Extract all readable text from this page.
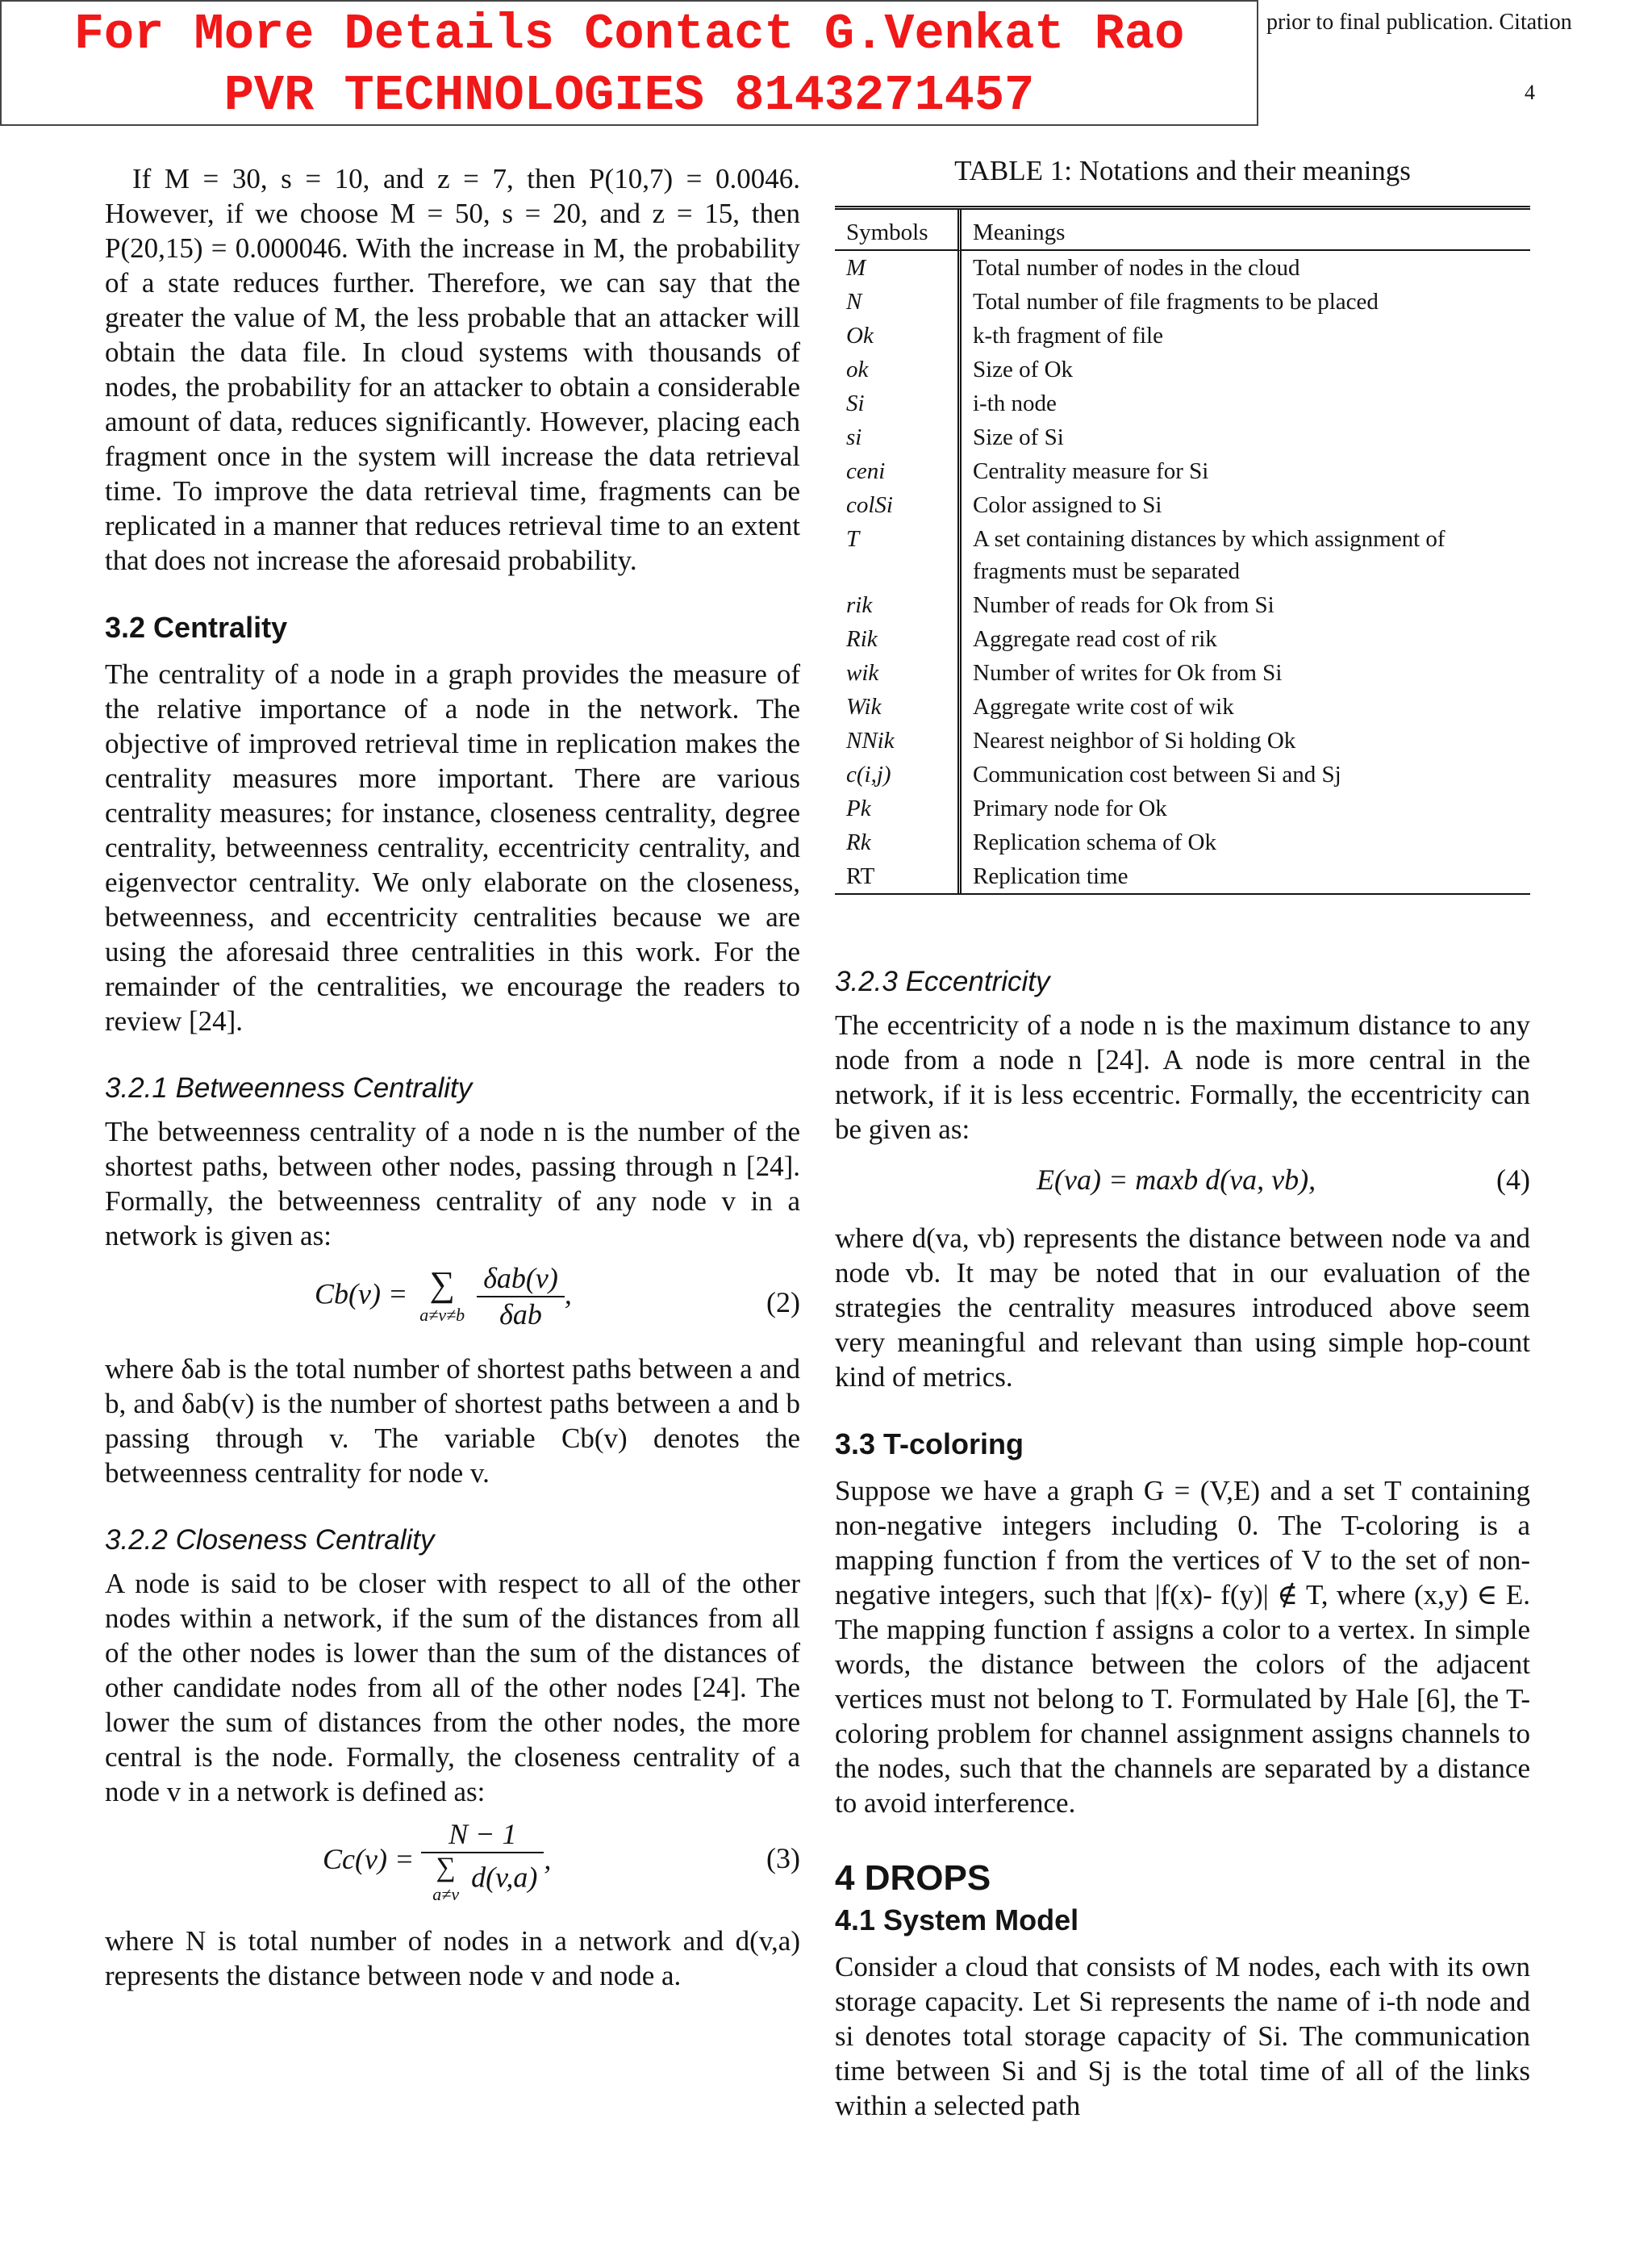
For More Details Contact G.Venkat Rao
PVR TECHNOLOGIES 8143271457
prior to final publication. Citation
4

If M = 30, s = 10, and z = 7, then P(10,7) = 0.0046. However, if we choose M = 50, s = 20, and z = 15, then P(20,15) = 0.000046. With the increase in M, the probability of a state reduces further. Therefore, we can say that the greater the value of M, the less probable that an attacker will obtain the data file. In cloud systems with thousands of nodes, the probability for an attacker to obtain a considerable amount of data, reduces significantly. However, placing each fragment once in the system will increase the data retrieval time. To improve the data retrieval time, fragments can be replicated in a manner that reduces retrieval time to an extent that does not increase the aforesaid probability.

3.2 Centrality

The centrality of a node in a graph provides the measure of the relative importance of a node in the network. The objective of improved retrieval time in replication makes the centrality measures more important. There are various centrality measures; for instance, closeness centrality, degree centrality, betweenness centrality, eccentricity centrality, and eigenvector centrality. We only elaborate on the closeness, betweenness, and eccentricity centralities because we are using the aforesaid three centralities in this work. For the remainder of the centralities, we encourage the readers to review [24].

3.2.1 Betweenness Centrality

The betweenness centrality of a node n is the number of the shortest paths, between other nodes, passing through n [24]. Formally, the betweenness centrality of any node v in a network is given as:

Cb(v) = ∑
a≠v≠b
$\frac{\text{δab(v)}}{\text{δab}}$ ,	(2)

where δab is the total number of shortest paths between a and b, and δab(v) is the number of shortest paths between a and b passing through v. The variable Cb(v) denotes the betweenness centrality for node v.

3.2.2 Closeness Centrality

A node is said to be closer with respect to all of the other nodes within a network, if the sum of the distances from all of the other nodes is lower than the sum of the distances of other candidate nodes from all of the other nodes [24]. The lower the sum of distances from the other nodes, the more central is the node. Formally, the closeness centrality of a node v in a network is defined as:

Cc(v) = N − 1
∑
a≠v
d(v,a) ,	(3)

where N is total number of nodes in a network and d(v,a) represents the distance between node v and node a.

TABLE 1: Notations and their meanings
Symbols	Meanings
M	Total number of nodes in the cloud
N	Total number of file fragments to be placed
Ok	k-th fragment of file
ok	Size of Ok
Si	i-th node
si	Size of Si
ceni	Centrality measure for Si
colSi	Color assigned to Si
T	A set containing distances by which assignment of fragments must be separated
rik	Number of reads for Ok from Si
Rik	Aggregate read cost of rik
wik	Number of writes for Ok from Si
Wik	Aggregate write cost of wik
NNik	Nearest neighbor of Si holding Ok
c(i,j)	Communication cost between Si and Sj
Pk	Primary node for Ok
Rk	Replication schema of Ok
RT	Replication time
3.2.3 Eccentricity

The eccentricity of a node n is the maximum distance to any node from a node n [24]. A node is more central in the network, if it is less eccentric. Formally, the eccentricity can be given as:

E(va) = maxb d(va, vb),	(4)

where d(va, vb) represents the distance between node va and node vb. It may be noted that in our evaluation of the strategies the centrality measures introduced above seem very meaningful and relevant than using simple hop-count kind of metrics.

3.3 T-coloring

Suppose we have a graph G = (V,E) and a set T containing non-negative integers including 0. The T-coloring is a mapping function f from the vertices of V to the set of non-negative integers, such that |f(x)- f(y)| ∉ T, where (x,y) ∈ E. The mapping function f assigns a color to a vertex. In simple words, the distance between the colors of the adjacent vertices must not belong to T. Formulated by Hale [6], the T-coloring problem for channel assignment assigns channels to the nodes, such that the channels are separated by a distance to avoid interference.

4 DROPS
4.1 System Model

Consider a cloud that consists of M nodes, each with its own storage capacity. Let Si represents the name of i-th node and si denotes total storage capacity of Si. The communication time between Si and Sj is the total time of all of the links within a selected path
